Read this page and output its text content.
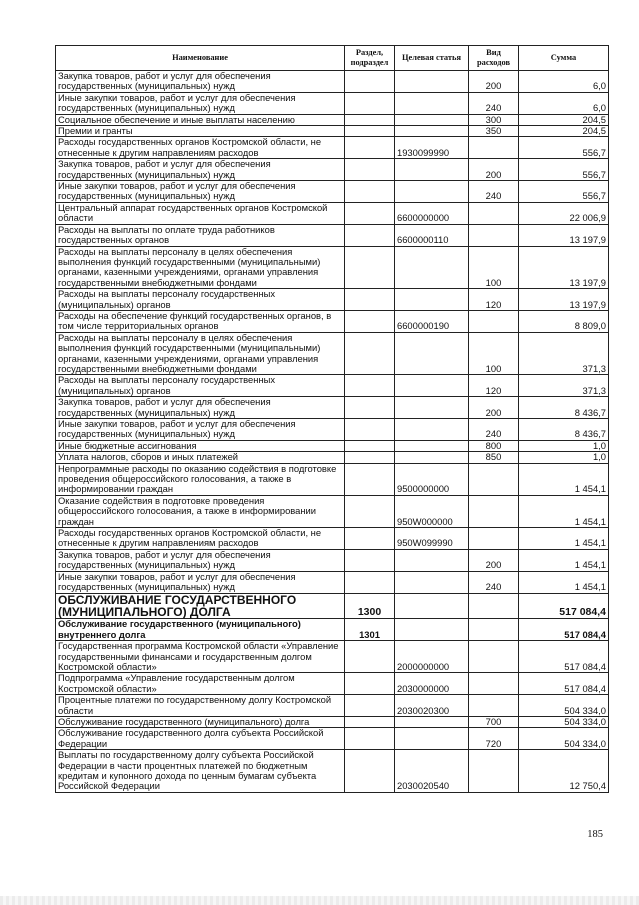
Наименование	Раздел, подраздел	Целевая статья	Вид расходов	Сумма
Закупка товаров, работ и услуг для обеспечения государственных (муниципальных) нужд			200	6,0
Иные закупки товаров, работ и услуг для обеспечения государственных (муниципальных) нужд			240	6,0
Социальное обеспечение и иные выплаты населению			300	204,5
Премии и гранты			350	204,5
Расходы государственных органов Костромской области, не отнесенные к другим направлениям расходов		1930099990		556,7
Закупка товаров, работ и услуг для обеспечения государственных (муниципальных) нужд			200	556,7
Иные закупки товаров, работ и услуг для обеспечения государственных (муниципальных) нужд			240	556,7
Центральный аппарат государственных органов Костромской области		6600000000		22 006,9
Расходы на выплаты по оплате труда работников государственных органов		6600000110		13 197,9
Расходы на выплаты персоналу в целях обеспечения выполнения функций государственными (муниципальными) органами, казенными учреждениями, органами управления государственными внебюджетными фондами			100	13 197,9
Расходы на выплаты персоналу государственных (муниципальных) органов			120	13 197,9
Расходы на обеспечение функций государственных органов, в том числе территориальных органов		6600000190		8 809,0
Расходы на выплаты персоналу в целях обеспечения выполнения функций государственными (муниципальными) органами, казенными учреждениями, органами управления государственными внебюджетными фондами			100	371,3
Расходы на выплаты персоналу государственных (муниципальных) органов			120	371,3
Закупка товаров, работ и услуг для обеспечения государственных (муниципальных) нужд			200	8 436,7
Иные закупки товаров, работ и услуг для обеспечения государственных (муниципальных) нужд			240	8 436,7
Иные бюджетные ассигнования			800	1,0
Уплата налогов, сборов и иных платежей			850	1,0
Непрограммные расходы по оказанию содействия в подготовке проведения общероссийского голосования, а также в информировании граждан		9500000000		1 454,1
Оказание содействия в подготовке проведения общероссийского голосования, а также в информировании граждан		950W000000		1 454,1
Расходы государственных органов Костромской области, не отнесенные к другим направлениям расходов		950W099990		1 454,1
Закупка товаров, работ и услуг для обеспечения государственных (муниципальных) нужд			200	1 454,1
Иные закупки товаров, работ и услуг для обеспечения государственных (муниципальных) нужд			240	1 454,1
ОБСЛУЖИВАНИЕ ГОСУДАРСТВЕННОГО (МУНИЦИПАЛЬНОГО) ДОЛГА	1300			517 084,4
Обслуживание государственного (муниципального) внутреннего долга	1301			517 084,4
Государственная программа Костромской области «Управление государственными финансами и государственным долгом Костромской области»		2000000000		517 084,4
Подпрограмма «Управление государственным долгом Костромской области»		2030000000		517 084,4
Процентные платежи по государственному долгу Костромской области		2030020300		504 334,0
Обслуживание государственного (муниципального) долга			700	504 334,0
Обслуживание государственного долга субъекта Российской Федерации			720	504 334,0
Выплаты по государственному долгу субъекта Российской Федерации в части процентных платежей по бюджетным кредитам и купонного дохода по ценным бумагам субъекта Российской Федерации		2030020540		12 750,4
185
